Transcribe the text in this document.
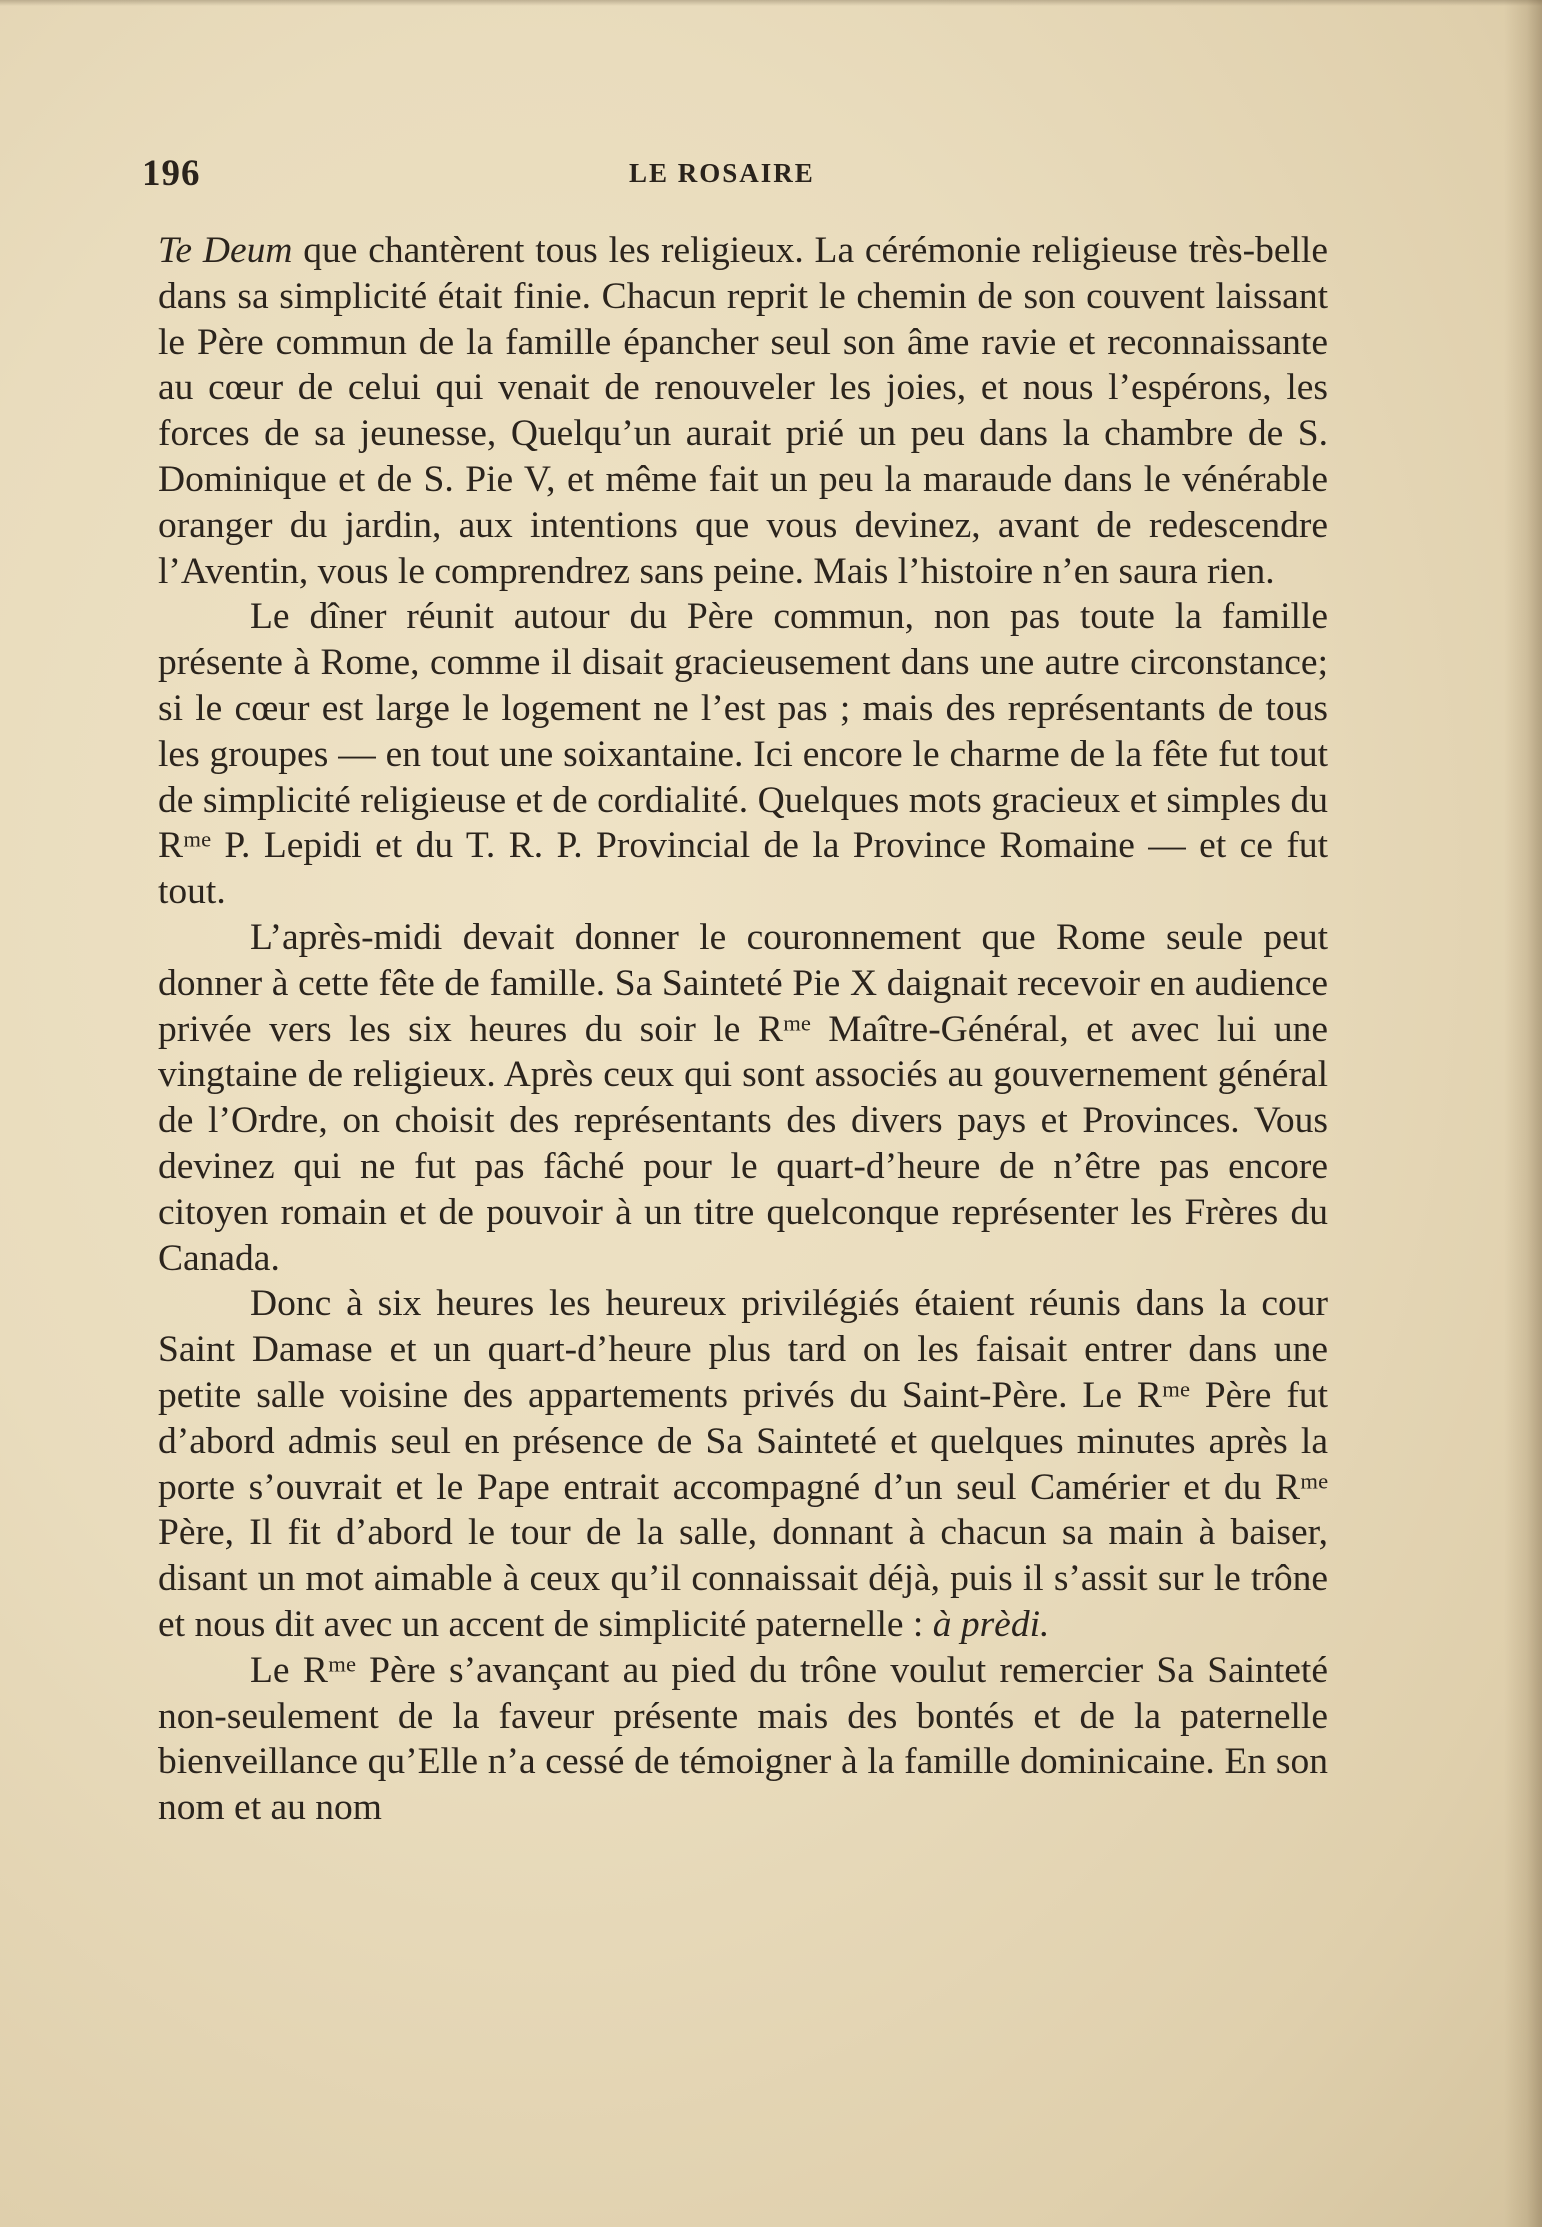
196	LE ROSAIRE

Te Deum que chantèrent tous les religieux. La cérémonie religieuse très-belle dans sa simplicité était finie. Chacun reprit le chemin de son couvent laissant le Père commun de la famille épancher seul son âme ravie et reconnaissante au cœur de celui qui venait de renouveler les joies, et nous l’espérons, les forces de sa jeunesse, Quelqu’un aurait prié un peu dans la chambre de S. Dominique et de S. Pie V, et même fait un peu la maraude dans le vénérable oranger du jardin, aux intentions que vous devinez, avant de redescendre l’Aventin, vous le comprendrez sans peine. Mais l’histoire n’en saura rien.

Le dîner réunit autour du Père commun, non pas toute la famille présente à Rome, comme il disait gracieusement dans une autre circonstance; si le cœur est large le logement ne l’est pas ; mais des représentants de tous les groupes — en tout une soixantaine. Ici encore le charme de la fête fut tout de simplicité religieuse et de cordialité. Quelques mots gracieux et simples du Rᵐᵉ P. Lepidi et du T. R. P. Provincial de la Province Romaine — et ce fut tout.

L’après-midi devait donner le couronnement que Rome seule peut donner à cette fête de famille. Sa Sainteté Pie X daignait recevoir en audience privée vers les six heures du soir le Rᵐᵉ Maître-Général, et avec lui une vingtaine de religieux. Après ceux qui sont associés au gouvernement général de l’Ordre, on choisit des représentants des divers pays et Provinces. Vous devinez qui ne fut pas fâché pour le quart-d’heure de n’être pas encore citoyen romain et de pouvoir à un titre quelconque représenter les Frères du Canada.

Donc à six heures les heureux privilégiés étaient réunis dans la cour Saint Damase et un quart-d’heure plus tard on les faisait entrer dans une petite salle voisine des appartements privés du Saint-Père. Le Rᵐᵉ Père fut d’abord admis seul en présence de Sa Sainteté et quelques minutes après la porte s’ouvrait et le Pape entrait accompagné d’un seul Camérier et du Rᵐᵉ Père, Il fit d’abord le tour de la salle, donnant à chacun sa main à baiser, disant un mot aimable à ceux qu’il connaissait déjà, puis il s’assit sur le trône et nous dit avec un accent de simplicité paternelle : à prèdi.

Le Rᵐᵉ Père s’avançant au pied du trône voulut remercier Sa Sainteté non-seulement de la faveur présente mais des bontés et de la paternelle bienveillance qu’Elle n’a cessé de témoigner à la famille dominicaine. En son nom et au nom
